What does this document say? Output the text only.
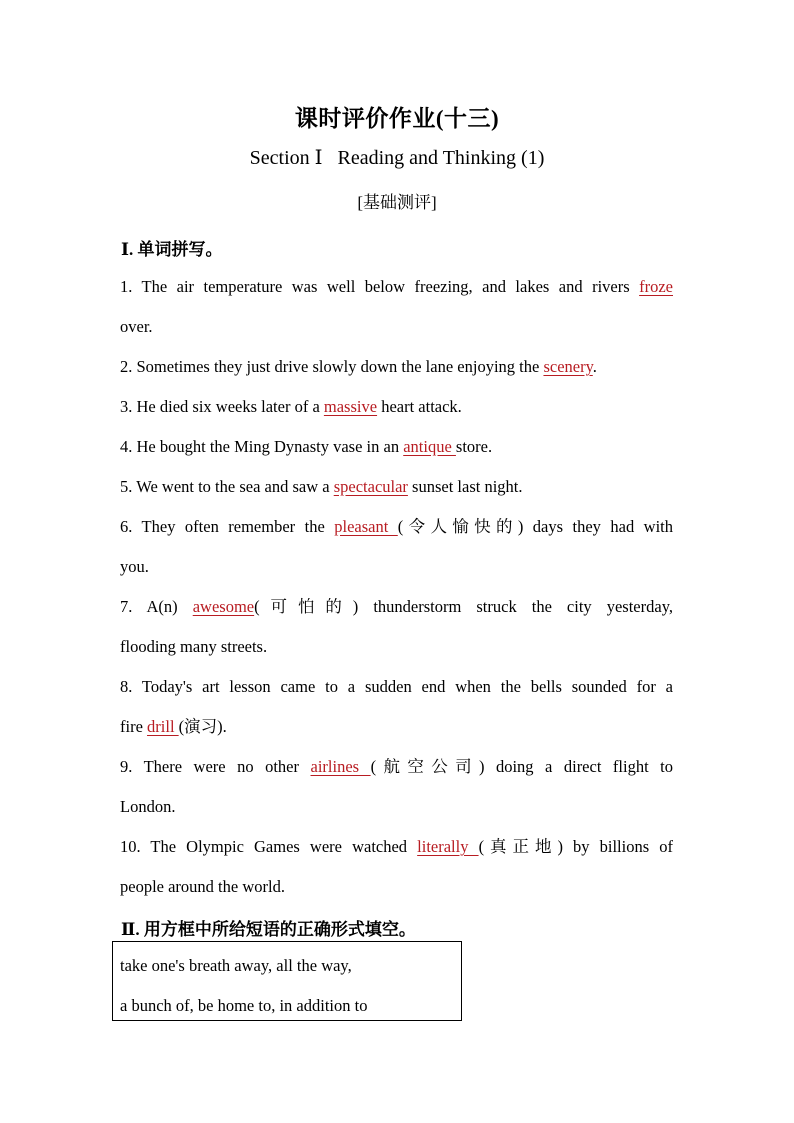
课时评价作业(十三)
Section Ⅰ   Reading and Thinking (1)
[基础测评]
Ⅰ. 单词拼写。
1. The air temperature was well below freezing, and lakes and rivers froze
over.
2. Sometimes they just drive slowly down the lane enjoying the scenery.
3. He died six weeks later of a massive heart attack.
4. He bought the Ming Dynasty vase in an antique store.
5. We went to the sea and saw a spectacular sunset last night.
6. They often remember the pleasant (令人愉快的) days they had with
you.
7. A(n) awesome(可怕的) thunderstorm struck the city yesterday,
flooding many streets.
8. Today's art lesson came to a sudden end when the bells sounded for a
fire drill (演习).
9. There were no other airlines (航空公司) doing a direct flight to
London.
10. The Olympic Games were watched literally (真正地) by billions of
people around the world.
Ⅱ. 用方框中所给短语的正确形式填空。
take one's breath away, all the way,
a bunch of, be home to, in addition to
